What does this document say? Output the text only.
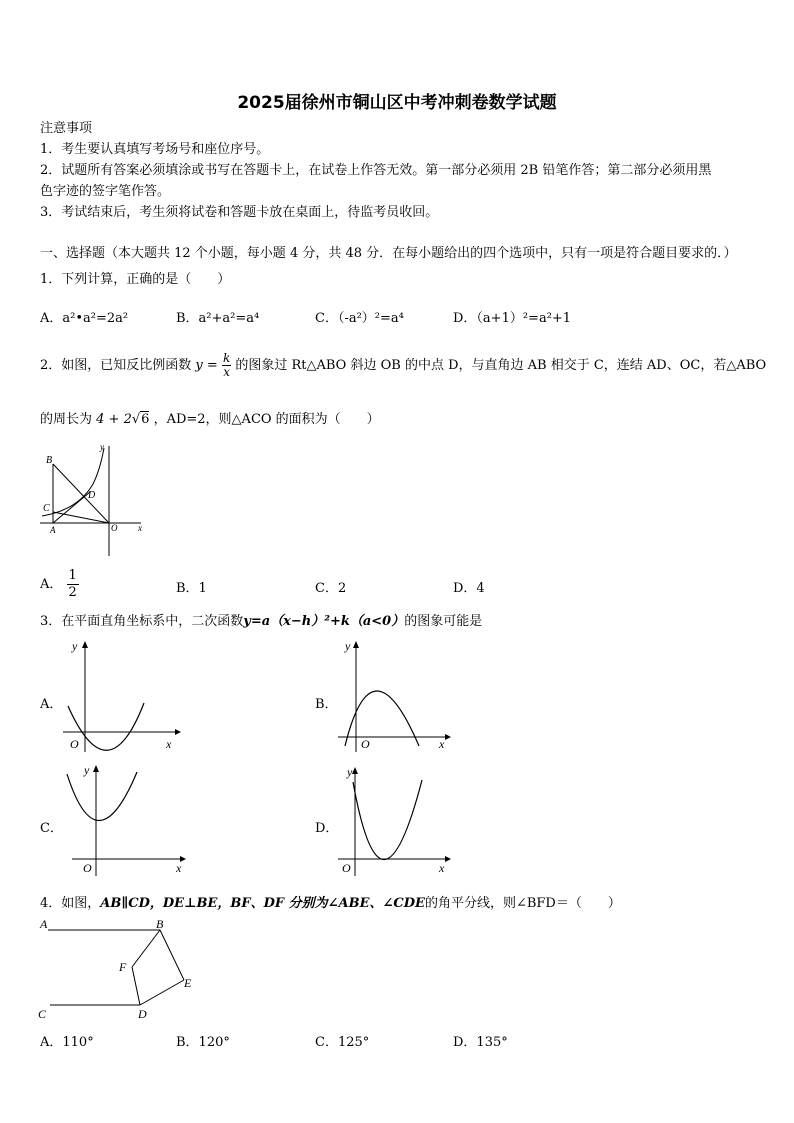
2025届徐州市铜山区中考冲刺卷数学试题
注意事项
1．考生要认真填写考场号和座位序号。
2．试题所有答案必须填涂或书写在答题卡上，在试卷上作答无效。第一部分必须用 2B 铅笔作答；第二部分必须用黑
色字迹的签字笔作答。
3．考试结束后，考生须将试卷和答题卡放在桌面上，待监考员收回。
一、选择题（本大题共 12 个小题，每小题 4 分，共 48 分．在每小题给出的四个选项中，只有一项是符合题目要求的．）
1．下列计算，正确的是（　　）
A．a²•a²=2a²	B．a²+a²=a⁴	C．（-a²）²=a⁴	D．（a+1）²=a²+1
2．如图，已知反比例函数 $y = \frac{k}{x}$ 的图象过 Rt△ABO 斜边 OB 的中点 D，与直角边 AB 相交于 C，连结 AD、OC，若△ABO
的周长为 4 + 2√6 ，AD=2，则△ACO 的面积为（　　）
B
C
D
A	O x
y
A． $\frac{1}{2}$	B．1	C．2	D．4
3．在平面直角坐标系中，二次函数y=a（x−h）²+k（a<0）的图象可能是
A．
O	x
y
B．
O	x
y
C．
O	x
y
D．
O	x
y
4．如图，AB∥CD，DE⊥BE，BF、DF 分别为∠ABE、∠CDE的角平分线，则∠BFD＝（　　）
A	B
F
E
C	D
A．110°	B．120°	C．125°	D．135°
